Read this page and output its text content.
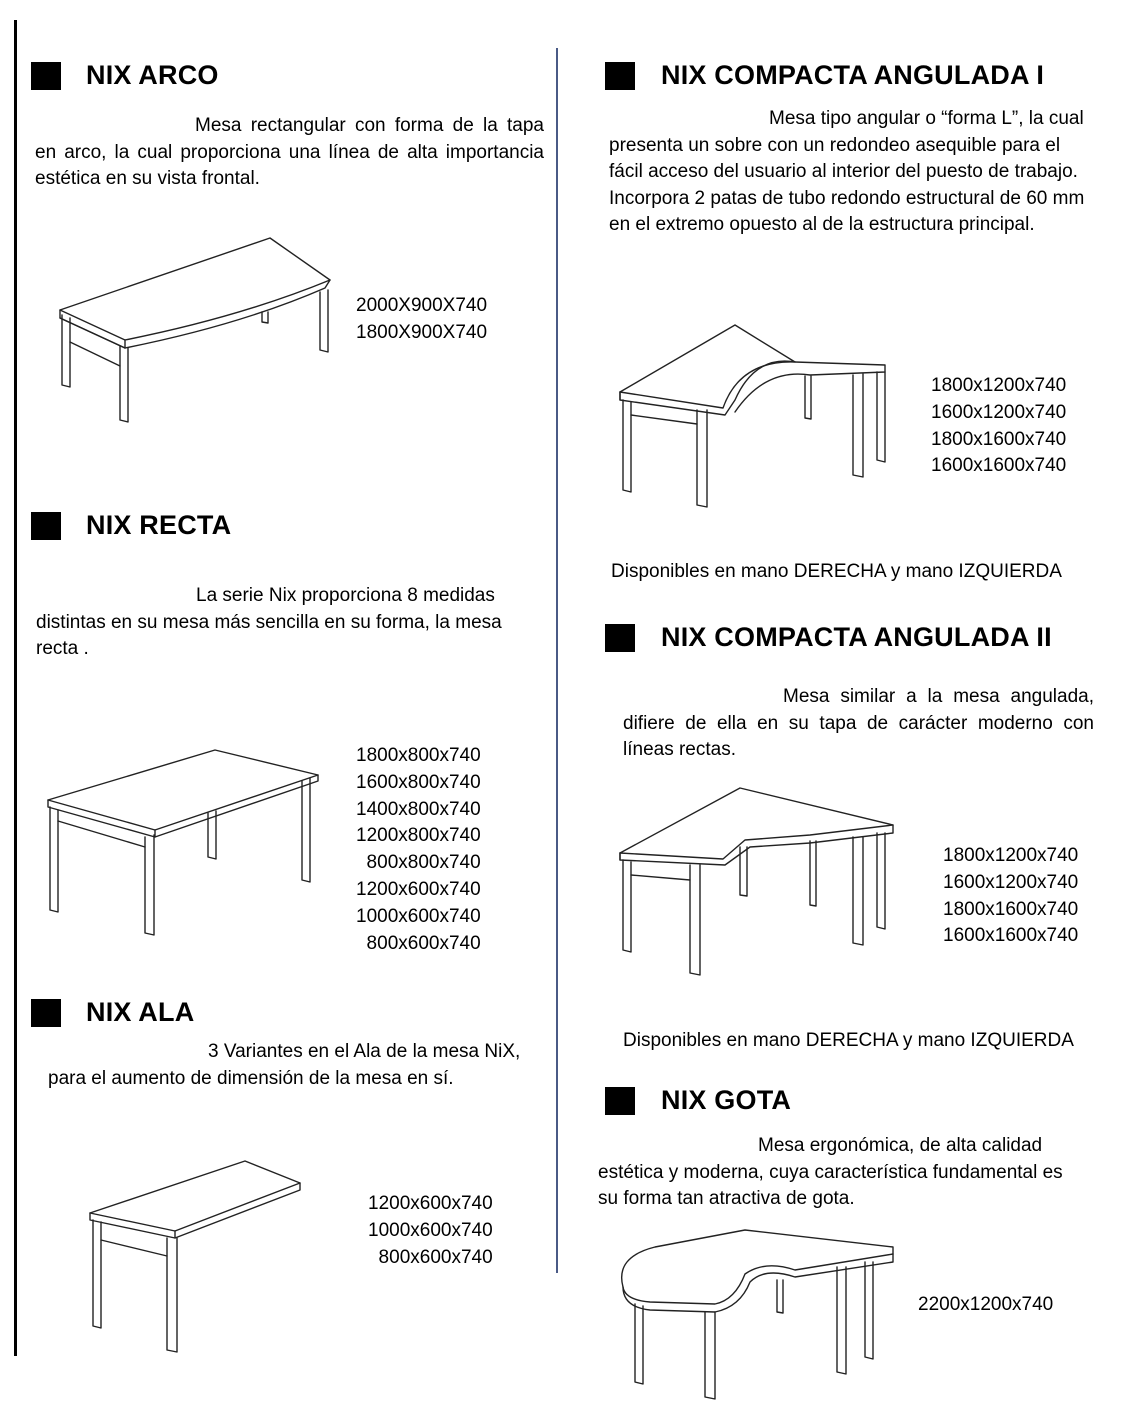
NIX ARCO
Mesa rectangular con forma de la tapa en arco, la cual proporciona una línea de alta importancia estética en su vista frontal.
2000X900X740
1800X900X740
NIX RECTA
La serie Nix proporciona 8 medidas distintas en su mesa más sencilla en su forma, la mesa recta .
1800x800x740
1600x800x740
1400x800x740
1200x800x740
800x800x740
1200x600x740
1000x600x740
800x600x740
NIX ALA
3 Variantes en el Ala de la mesa NiX, para el aumento de dimensión de la mesa en sí.
1200x600x740
1000x600x740
800x600x740
NIX COMPACTA ANGULADA I
Mesa tipo angular o “forma L”, la cual presenta un sobre con un redondeo asequible para el fácil acceso del usuario al interior del puesto de trabajo. Incorpora 2 patas de tubo redondo estructural de 60 mm en el extremo opuesto al de la estructura principal.
1800x1200x740
1600x1200x740
1800x1600x740
1600x1600x740
Disponibles en mano DERECHA y mano IZQUIERDA
NIX COMPACTA ANGULADA II
Mesa similar a la mesa angulada, difiere de ella en su tapa de carácter moderno con líneas rectas.
1800x1200x740
1600x1200x740
1800x1600x740
1600x1600x740
Disponibles en mano DERECHA y mano IZQUIERDA
NIX GOTA
Mesa ergonómica, de alta calidad estética y moderna, cuya característica fundamental es su forma tan atractiva de gota.
2200x1200x740
